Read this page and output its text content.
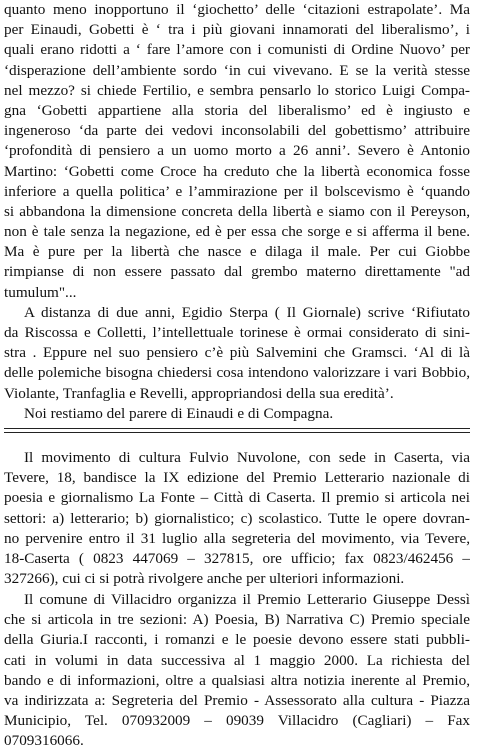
quanto meno inopportuno il ‘giochetto’ delle ‘citazioni estrapolate’. Ma
per Einaudi, Gobetti è ‘ tra i più giovani innamorati del liberalismo’, i
quali erano ridotti a ‘ fare l’amore con i comunisti di Ordine Nuovo’ per
‘disperazione dell’ambiente sordo ‘in cui vivevano. E se la verità stesse
nel mezzo? si chiede Fertilio, e sembra pensarlo lo storico Luigi Compa-
gna ‘Gobetti appartiene alla storia del liberalismo’ ed è ingiusto e
ingeneroso ‘da parte dei vedovi inconsolabili del gobettismo’ attribuire
‘profondità di pensiero a un uomo morto a 26 anni’. Severo è Antonio
Martino: ‘Gobetti come Croce ha creduto che la libertà economica fosse
inferiore a quella politica’ e l’ammirazione per il bolscevismo è ‘quando
si abbandona la dimensione concreta della libertà e siamo con il Pereyson,
non è tale senza la negazione, ed è per essa che sorge e si afferma il bene.
Ma è pure per la libertà che nasce e dilaga il male. Per cui Giobbe
rimpianse di non essere passato dal grembo materno direttamente "ad
tumulum"...
A distanza di due anni, Egidio Sterpa ( Il Giornale) scrive ‘Rifiutato
da Riscossa e Colletti, l’intellettuale torinese è ormai considerato di sini-
stra . Eppure nel suo pensiero c’è più Salvemini che Gramsci. ‘Al di là
delle polemiche bisogna chiedersi cosa intendono valorizzare i vari Bobbio,
Violante, Tranfaglia e Revelli, appropriandosi della sua eredità’.
Noi restiamo del parere di Einaudi e di Compagna.
Il movimento di cultura Fulvio Nuvolone, con sede in Caserta, via
Tevere, 18, bandisce la IX edizione del Premio Letterario nazionale di
poesia e giornalismo La Fonte – Città di Caserta. Il premio si articola nei
settori: a) letterario; b) giornalistico; c) scolastico. Tutte le opere dovran-
no pervenire entro il 31 luglio alla segreteria del movimento, via Tevere,
18-Caserta ( 0823 447069 – 327815, ore ufficio; fax 0823/462456 –
327266), cui ci si potrà rivolgere anche per ulteriori informazioni.
Il comune di Villacidro organizza il Premio Letterario Giuseppe Dessì
che si articola in tre sezioni: A) Poesia, B) Narrativa C) Premio speciale
della Giuria.I racconti, i romanzi e le poesie devono essere stati pubbli-
cati in volumi in data successiva al 1 maggio 2000. La richiesta del
bando e di informazioni, oltre a qualsiasi altra notizia inerente al Premio,
va indirizzata a: Segreteria del Premio - Assessorato alla cultura - Piazza
Municipio, Tel. 070932009 – 09039 Villacidro (Cagliari) – Fax
0709316066.
